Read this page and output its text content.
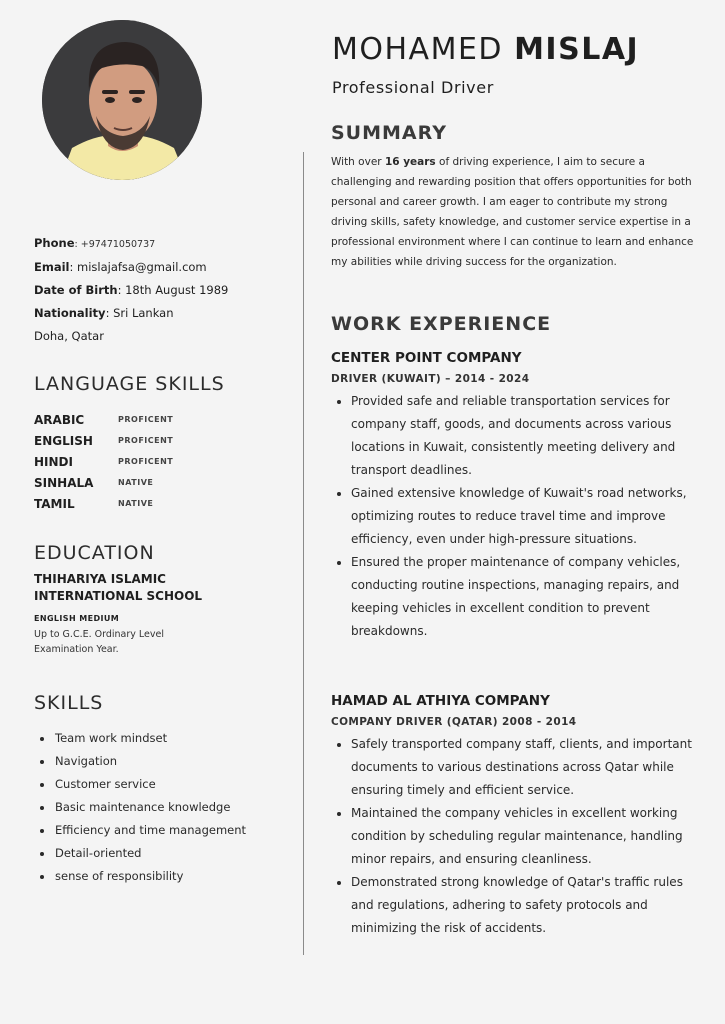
Phone: +97471050737
Email: mislajafsa@gmail.com
Date of Birth: 18th August 1989
Nationality: Sri Lankan
Doha, Qatar
LANGUAGE SKILLS
ARABIC	PROFICENT
ENGLISH	PROFICENT
HINDI	PROFICENT
SINHALA	NATIVE
TAMIL	NATIVE
EDUCATION
THIHARIYA ISLAMIC
INTERNATIONAL SCHOOL
ENGLISH MEDIUM
Up to G.C.E. Ordinary Level
Examination Year.
SKILLS
• Team work mindset
• Navigation
• Customer service
• Basic maintenance knowledge
• Efficiency and time management
• Detail-oriented
• sense of responsibility
MOHAMED MISLAJ
Professional Driver
SUMMARY
With over 16 years of driving experience, I aim to secure a challenging and rewarding position that offers opportunities for both personal and career growth. I am eager to contribute my strong driving skills, safety knowledge, and customer service expertise in a professional environment where I can continue to learn and enhance my abilities while driving success for the organization.
WORK EXPERIENCE
CENTER POINT COMPANY
DRIVER (KUWAIT) – 2014 - 2024
• Provided safe and reliable transportation services for company staff, goods, and documents across various locations in Kuwait, consistently meeting delivery and transport deadlines.
• Gained extensive knowledge of Kuwait's road networks, optimizing routes to reduce travel time and improve efficiency, even under high-pressure situations.
• Ensured the proper maintenance of company vehicles, conducting routine inspections, managing repairs, and keeping vehicles in excellent condition to prevent breakdowns.
HAMAD AL ATHIYA COMPANY
COMPANY DRIVER (QATAR) 2008 - 2014
• Safely transported company staff, clients, and important documents to various destinations across Qatar while ensuring timely and efficient service.
• Maintained the company vehicles in excellent working condition by scheduling regular maintenance, handling minor repairs, and ensuring cleanliness.
• Demonstrated strong knowledge of Qatar's traffic rules and regulations, adhering to safety protocols and minimizing the risk of accidents.
